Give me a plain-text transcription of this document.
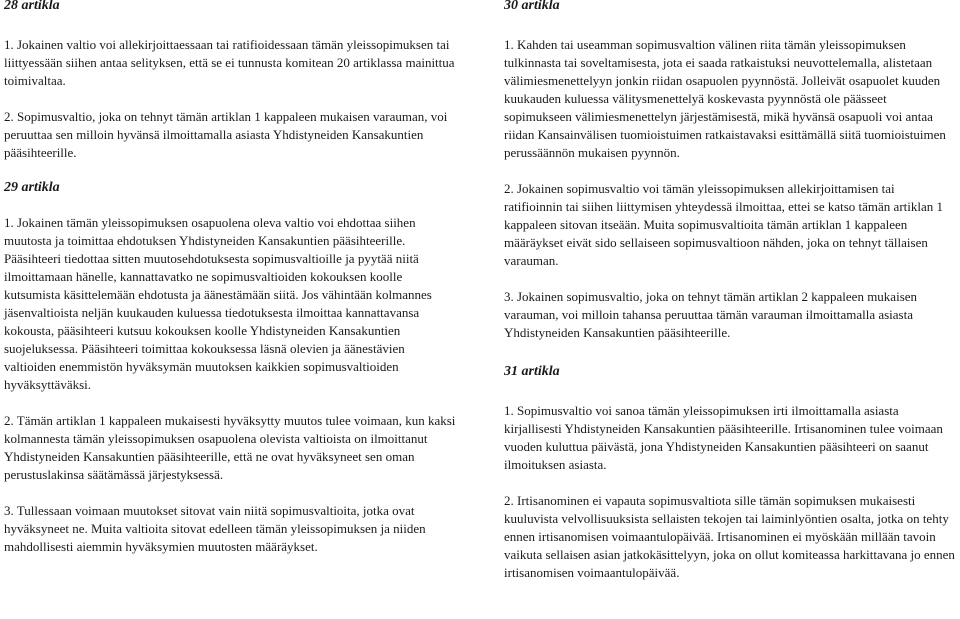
28 artikla

1. Jokainen valtio voi allekirjoittaessaan tai ratifioidessaan tämän yleissopimuksen tai liittyessään siihen antaa selityksen, että se ei tunnusta komitean 20 artiklassa mainittua toimivaltaa.

2. Sopimusvaltio, joka on tehnyt tämän artiklan 1 kappaleen mukaisen varauman, voi peruuttaa sen milloin hyvänsä ilmoittamalla asiasta Yhdistyneiden Kansakuntien pääsihteerille.

29 artikla

1. Jokainen tämän yleissopimuksen osapuolena oleva valtio voi ehdottaa siihen muutosta ja toimittaa ehdotuksen Yhdistyneiden Kansakuntien pääsihteerille. Pääsihteeri tiedottaa sitten muutosehdotuksesta sopimusvaltioille ja pyytää niitä ilmoittamaan hänelle, kannattavatko ne sopimusvaltioiden kokouksen koolle kutsumista käsittelemään ehdotusta ja äänestämään siitä. Jos vähintään kolmannes jäsenvaltioista neljän kuukauden kuluessa tiedotuksesta ilmoittaa kannattavansa kokousta, pääsihteeri kutsuu kokouksen koolle Yhdistyneiden Kansakuntien suojeluksessa. Pääsihteeri toimittaa kokouksessa läsnä olevien ja äänestävien valtioiden enemmistön hyväksymän muutoksen kaikkien sopimusvaltioiden hyväksyttäväksi.

2. Tämän artiklan 1 kappaleen mukaisesti hyväksytty muutos tulee voimaan, kun kaksi kolmannesta tämän yleissopimuksen osapuolena olevista valtioista on ilmoittanut Yhdistyneiden Kansakuntien pääsihteerille, että ne ovat hyväksyneet sen oman perustuslakinsa säätämässä järjestyksessä.

3. Tullessaan voimaan muutokset sitovat vain niitä sopimusvaltioita, jotka ovat hyväksyneet ne. Muita valtioita sitovat edelleen tämän yleissopimuksen ja niiden mahdollisesti aiemmin hyväksymien muutosten määräykset.

30 artikla

1. Kahden tai useamman sopimusvaltion välinen riita tämän yleissopimuksen tulkinnasta tai soveltamisesta, jota ei saada ratkaistuksi neuvottelemalla, alistetaan välimiesmenettelyyn jonkin riidan osapuolen pyynnöstä. Jolleivät osapuolet kuuden kuukauden kuluessa välitysmenettelyä koskevasta pyynnöstä ole päässeet sopimukseen välimiesmenettelyn järjestämisestä, mikä hyvänsä osapuoli voi antaa riidan Kansainvälisen tuomioistuimen ratkaistavaksi esittämällä siitä tuomioistuimen perussäännön mukaisen pyynnön.

2. Jokainen sopimusvaltio voi tämän yleissopimuksen allekirjoittamisen tai ratifioinnin tai siihen liittymisen yhteydessä ilmoittaa, ettei se katso tämän artiklan 1 kappaleen sitovan itseään. Muita sopimusvaltioita tämän artiklan 1 kappaleen määräykset eivät sido sellaiseen sopimusvaltioon nähden, joka on tehnyt tällaisen varauman.

3. Jokainen sopimusvaltio, joka on tehnyt tämän artiklan 2 kappaleen mukaisen varauman, voi milloin tahansa peruuttaa tämän varauman ilmoittamalla asiasta Yhdistyneiden Kansakuntien pääsihteerille.

31 artikla

1. Sopimusvaltio voi sanoa tämän yleissopimuksen irti ilmoittamalla asiasta kirjallisesti Yhdistyneiden Kansakuntien pääsihteerille. Irtisanominen tulee voimaan vuoden kuluttua päivästä, jona Yhdistyneiden Kansakuntien pääsihteeri on saanut ilmoituksen asiasta.

2. Irtisanominen ei vapauta sopimusvaltiota sille tämän sopimuksen mukaisesti kuuluvista velvollisuuksista sellaisten tekojen tai laiminlyöntien osalta, jotka on tehty ennen irtisanomisen voimaantulopäivää. Irtisanominen ei myöskään millään tavoin vaikuta sellaisen asian jatkokäsittelyyn, joka on ollut komiteassa harkittavana jo ennen irtisanomisen voimaantulopäivää.
